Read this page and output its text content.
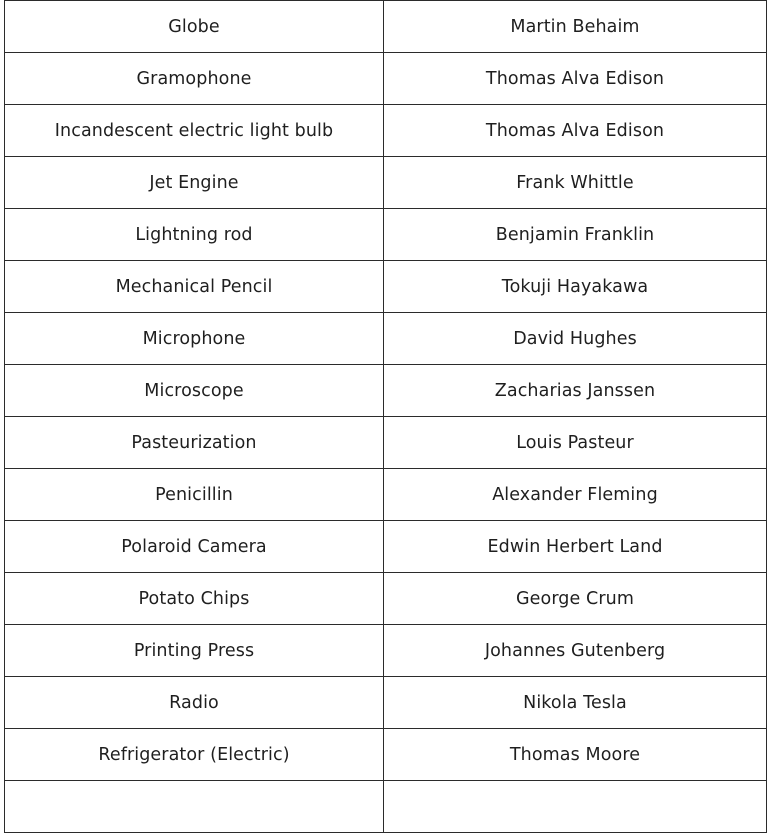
Globe	Martin Behaim
Gramophone	Thomas Alva Edison
Incandescent electric light bulb	Thomas Alva Edison
Jet Engine	Frank Whittle
Lightning rod	Benjamin Franklin
Mechanical Pencil	Tokuji Hayakawa
Microphone	David Hughes
Microscope	Zacharias Janssen
Pasteurization	Louis Pasteur
Penicillin	Alexander Fleming
Polaroid Camera	Edwin Herbert Land
Potato Chips	George Crum
Printing Press	Johannes Gutenberg
Radio	Nikola Tesla
Refrigerator (Electric)	Thomas Moore
